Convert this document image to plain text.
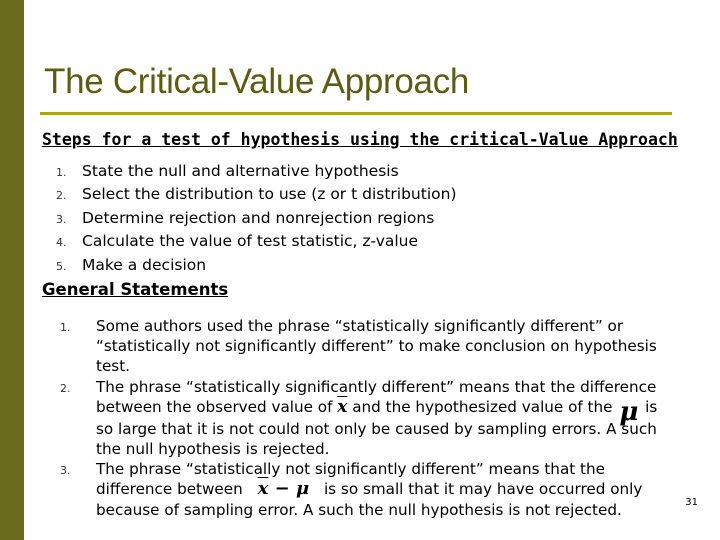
The Critical-Value Approach
Steps for a test of hypothesis using the critical-Value Approach
1. State the null and alternative hypothesis
2. Select the distribution to use (z or t distribution)
3. Determine rejection and nonrejection regions
4. Calculate the value of test statistic, z-value
5. Make a decision
General Statements
1. Some authors used the phrase “statistically significantly different” or “statistically not significantly different” to make conclusion on hypothesis test.
2. The phrase “statistically significantly different” means that the difference between the observed value of $\overline{x}$ and the hypothesized value of the μ is so large that it is not could not only be caused by sampling errors. A such the null hypothesis is rejected.
3. The phrase “statistically not significantly different” means that the difference between $\overline{x} - \mu$ is so small that it may have occurred only because of sampling error. A such the null hypothesis is not rejected.	31
